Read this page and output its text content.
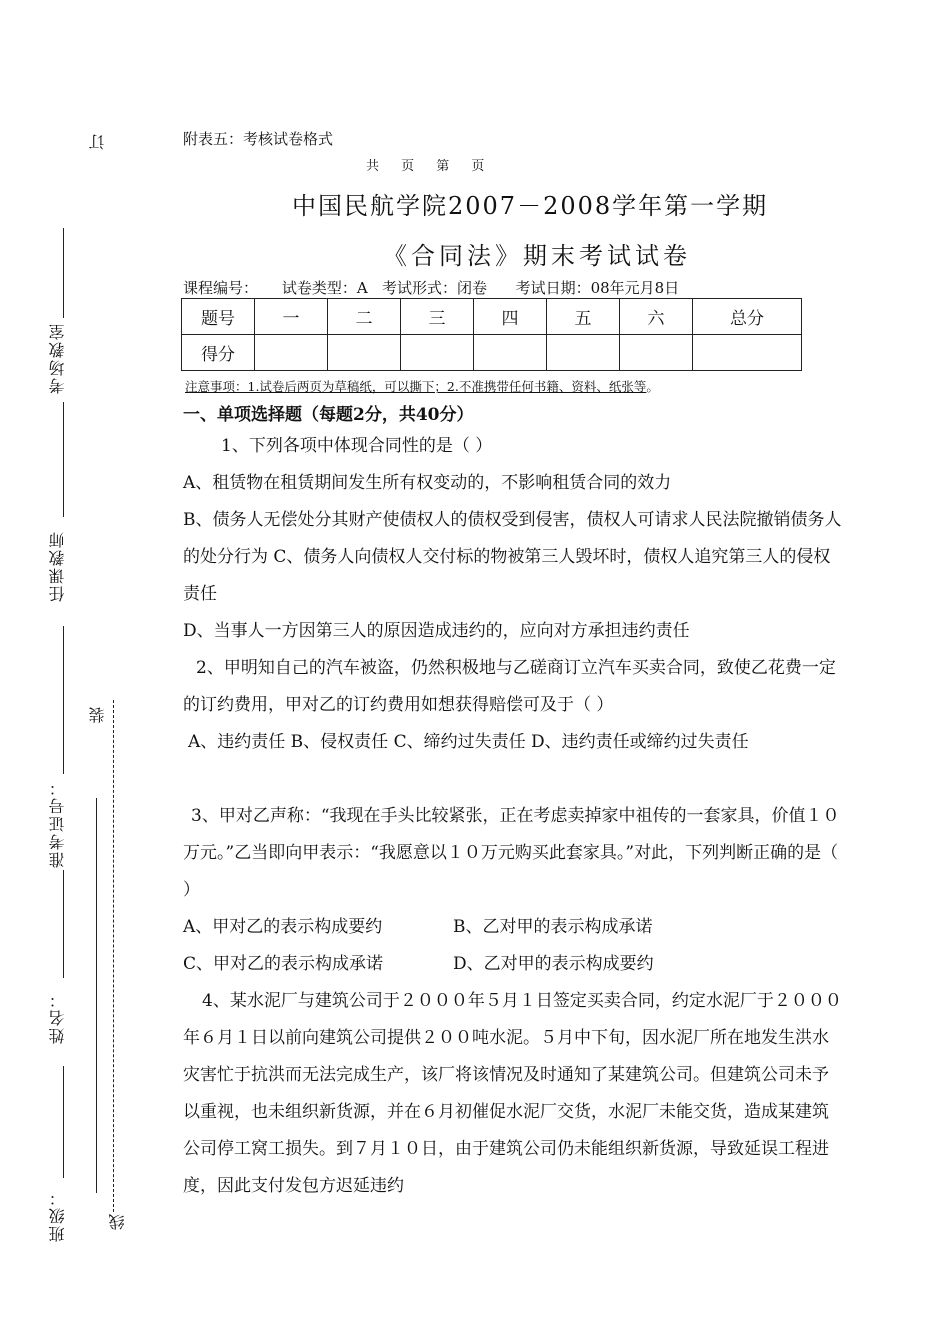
订
考场教室
任课教师
准考证号：
姓名：
班级：
装
线
附表五：考核试卷格式
共 页 第 页
中国民航学院2007－2008学年第一学期
《合同法》期末考试试卷
课程编号：     试卷类型：A   考试形式：闭卷      考试日期：08年元月8日
题号	一	二	三	四	五	六	总分
得分							
注意事项：1.试卷后两页为草稿纸，可以撕下；2.不准携带任何书籍、资料、纸张等。
一、单项选择题（每题2分，共40分）
1、下列各项中体现合同性的是（ ）
A、租赁物在租赁期间发生所有权变动的，不影响租赁合同的效力
B、债务人无偿处分其财产使债权人的债权受到侵害，债权人可请求人民法院撤销债务人的处分行为 C、债务人向债权人交付标的物被第三人毁坏时，债权人追究第三人的侵权责任
D、当事人一方因第三人的原因造成违约的，应向对方承担违约责任
2、甲明知自己的汽车被盗，仍然积极地与乙磋商订立汽车买卖合同，致使乙花费一定的订约费用，甲对乙的订约费用如想获得赔偿可及于（ ）
A、违约责任 B、侵权责任 C、缔约过失责任 D、违约责任或缔约过失责任
3、甲对乙声称：“我现在手头比较紧张，正在考虑卖掉家中祖传的一套家具，价值１０万元。”乙当即向甲表示：“我愿意以１０万元购买此套家具。”对此，下列判断正确的是（ ）
A、甲对乙的表示构成要约	B、乙对甲的表示构成承诺
C、甲对乙的表示构成承诺	D、乙对甲的表示构成要约
4、某水泥厂与建筑公司于２０００年５月１日签定买卖合同，约定水泥厂于２０００年６月１日以前向建筑公司提供２００吨水泥。５月中下旬，因水泥厂所在地发生洪水灾害忙于抗洪而无法完成生产，该厂将该情况及时通知了某建筑公司。但建筑公司未予以重视，也未组织新货源，并在６月初催促水泥厂交货，水泥厂未能交货，造成某建筑公司停工窝工损失。到７月１０日，由于建筑公司仍未能组织新货源，导致延误工程进度，因此支付发包方迟延违约
